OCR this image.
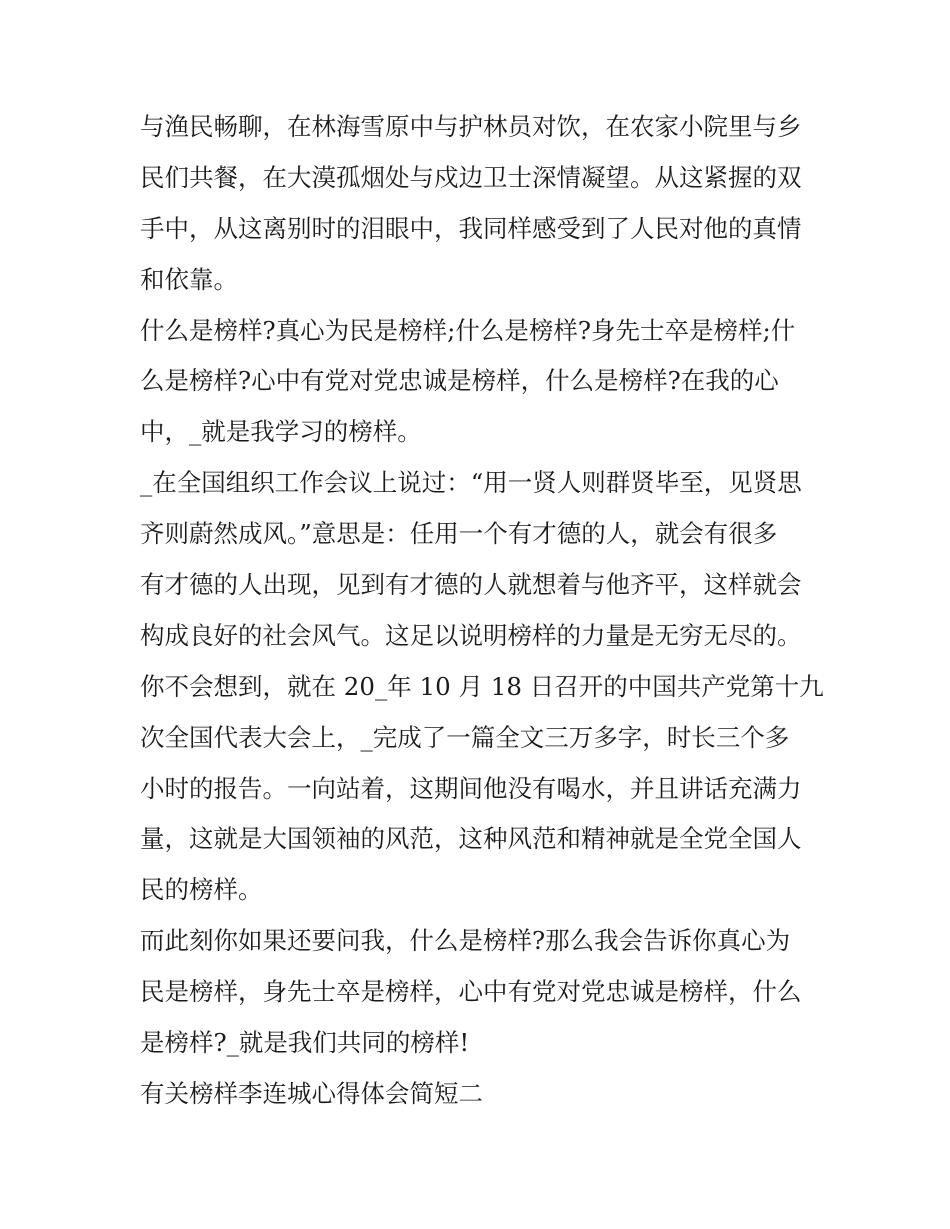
与渔民畅聊，在林海雪原中与护林员对饮，在农家小院里与乡
民们共餐，在大漠孤烟处与戍边卫士深情凝望。从这紧握的双
手中，从这离别时的泪眼中，我同样感受到了人民对他的真情
和依靠。

什么是榜样?真心为民是榜样;什么是榜样?身先士卒是榜样;什
么是榜样?心中有党对党忠诚是榜样，什么是榜样?在我的心
中，_就是我学习的榜样。

_在全国组织工作会议上说过：“用一贤人则群贤毕至，见贤思
齐则蔚然成风。”意思是：任用一个有才德的人，就会有很多
有才德的人出现，见到有才德的人就想着与他齐平，这样就会
构成良好的社会风气。这足以说明榜样的力量是无穷无尽的。

你不会想到，就在 20_年 10 月 18 日召开的中国共产党第十九
次全国代表大会上，_完成了一篇全文三万多字，时长三个多
小时的报告。一向站着，这期间他没有喝水，并且讲话充满力
量，这就是大国领袖的风范，这种风范和精神就是全党全国人
民的榜样。

而此刻你如果还要问我，什么是榜样?那么我会告诉你真心为
民是榜样，身先士卒是榜样，心中有党对党忠诚是榜样，什么
是榜样?_就是我们共同的榜样!

有关榜样李连城心得体会简短二
